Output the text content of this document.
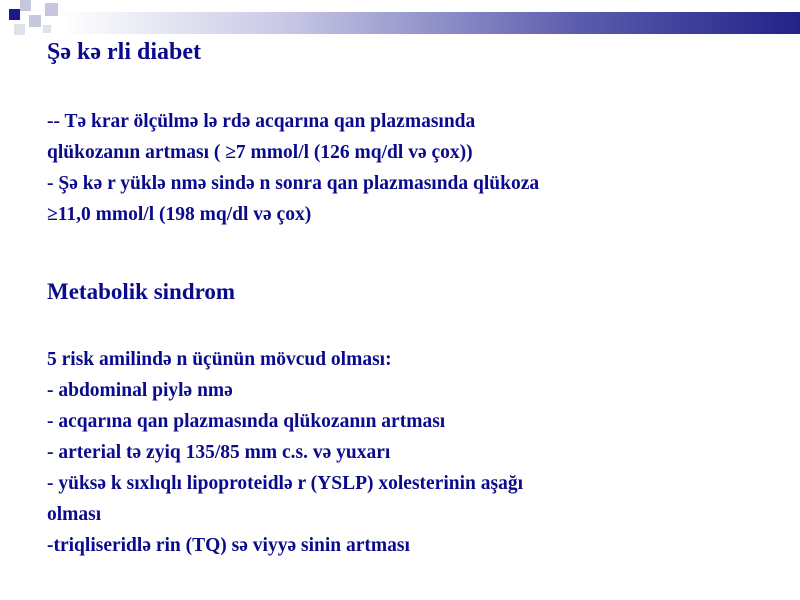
Şə kə rli diabet
-- Tə krar ölçülmə lə rdə acqarına qan plazmasında
qlükozanın artması ( ≥7 mmol/l (126 mq/dl və çox))
- Şə kə r yüklə nmə sində n sonra qan plazmasında qlükoza
≥11,0 mmol/l (198 mq/dl və çox)
Metabolik sindrom
5 risk amilində n üçünün mövcud olması:
- abdominal piylə nmə
- acqarına qan plazmasında qlükozanın artması
- arterial tə zyiq 135/85 mm c.s. və yuxarı
- yüksə k sıxlıqlı lipoproteidlə r (YSLP) xolesterinin aşağı
olması
-triqliseridlə rin (TQ) sə viyyə sinin artması
